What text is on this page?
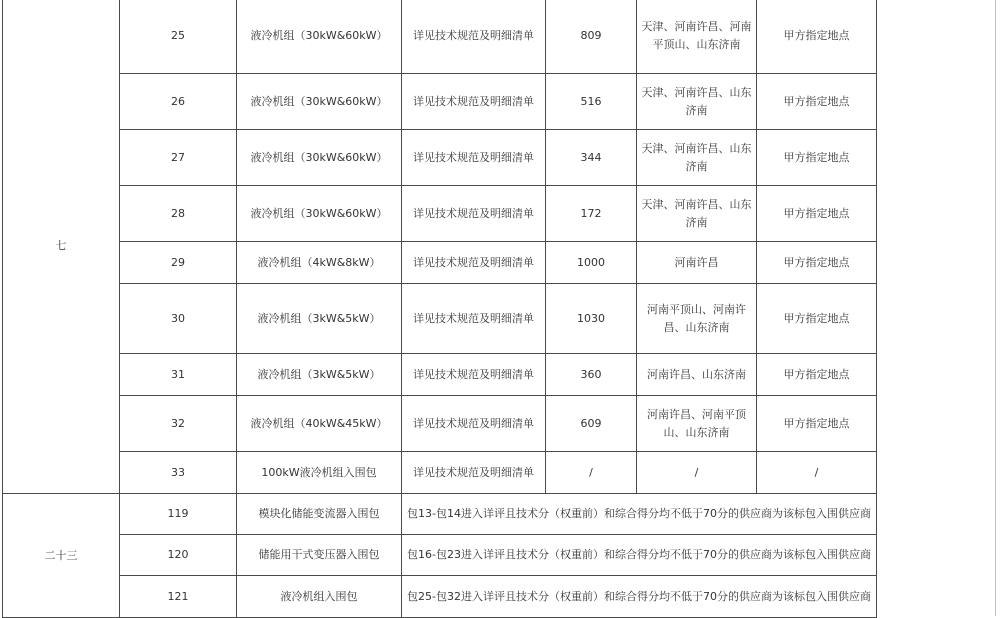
七	25	液冷机组（30kW&60kW）	详见技术规范及明细清单	809	天津、河南许昌、河南平顶山、山东济南	甲方指定地点
	26	液冷机组（30kW&60kW）	详见技术规范及明细清单	516	天津、河南许昌、山东济南	甲方指定地点
	27	液冷机组（30kW&60kW）	详见技术规范及明细清单	344	天津、河南许昌、山东济南	甲方指定地点
	28	液冷机组（30kW&60kW）	详见技术规范及明细清单	172	天津、河南许昌、山东济南	甲方指定地点
	29	液冷机组（4kW&8kW）	详见技术规范及明细清单	1000	河南许昌	甲方指定地点
	30	液冷机组（3kW&5kW）	详见技术规范及明细清单	1030	河南平顶山、河南许昌、山东济南	甲方指定地点
	31	液冷机组（3kW&5kW）	详见技术规范及明细清单	360	河南许昌、山东济南	甲方指定地点
	32	液冷机组（40kW&45kW）	详见技术规范及明细清单	609	河南许昌、河南平顶山、山东济南	甲方指定地点
	33	100kW液冷机组入围包	详见技术规范及明细清单	/	/	/
二十三	119	模块化储能变流器入围包	包13-包14进入详评且技术分（权重前）和综合得分均不低于70分的供应商为该标包入围供应商			
	120	储能用干式变压器入围包	包16-包23进入详评且技术分（权重前）和综合得分均不低于70分的供应商为该标包入围供应商			
	121	液冷机组入围包	包25-包32进入详评且技术分（权重前）和综合得分均不低于70分的供应商为该标包入围供应商			
